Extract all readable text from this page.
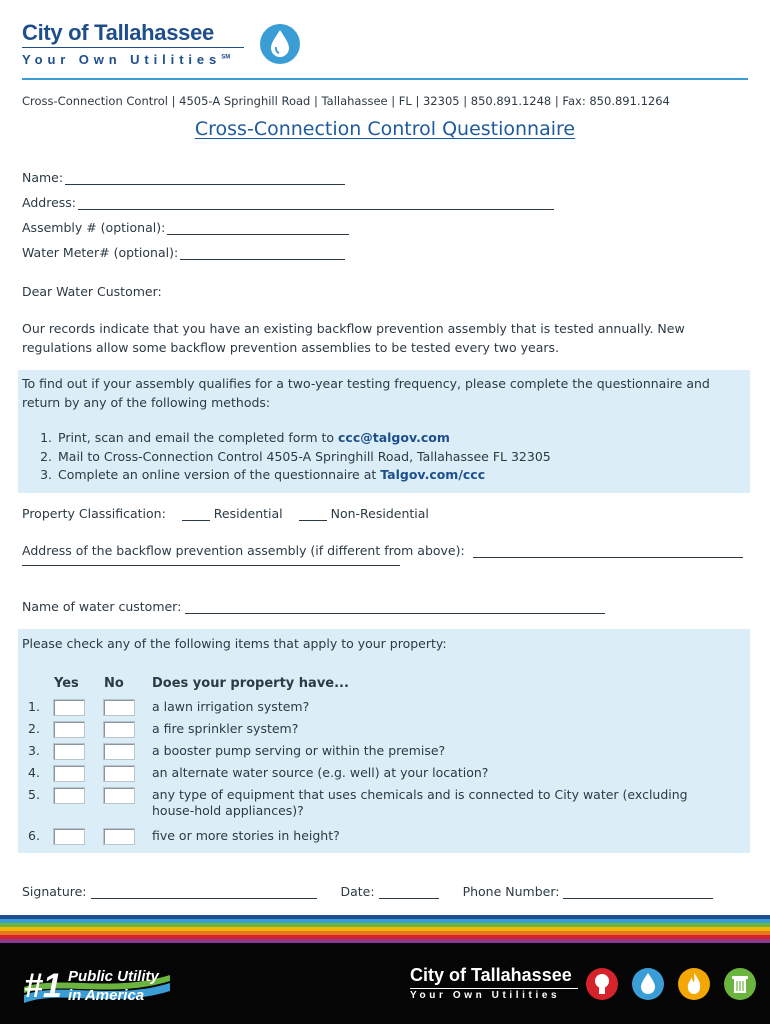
City of Tallahassee
Your Own Utilities℠
Cross-Connection Control | 4505-A Springhill Road | Tallahassee | FL | 32305 | 850.891.1248 | Fax: 850.891.1264
Cross-Connection Control Questionnaire
Name:
Address:
Assembly # (optional):
Water Meter# (optional):
Dear Water Customer:
Our records indicate that you have an existing backflow prevention assembly that is tested annually. New regulations allow some backflow prevention assemblies to be tested every two years.
To find out if your assembly qualifies for a two-year testing frequency, please complete the questionnaire and return by any of the following methods:
1. Print, scan and email the completed form to ccc@talgov.com
2. Mail to Cross-Connection Control 4505-A Springhill Road, Tallahassee FL 32305
3. Complete an online version of the questionnaire at Talgov.com/ccc
Property Classification:	Residential	Non-Residential
Address of the backflow prevention assembly (if different from above):
Name of water customer:
Please check any of the following items that apply to your property:
Yes No Does your property have...
1.	a lawn irrigation system?
2.	a fire sprinkler system?
3.	a booster pump serving or within the premise?
4.	an alternate water source (e.g. well) at your location?
5.	any type of equipment that uses chemicals and is connected to City water (excluding house-hold appliances)?
6.	five or more stories in height?
Signature:	Date:	Phone Number:
#1 Public Utility
in America
City of Tallahassee
Your Own Utilities
